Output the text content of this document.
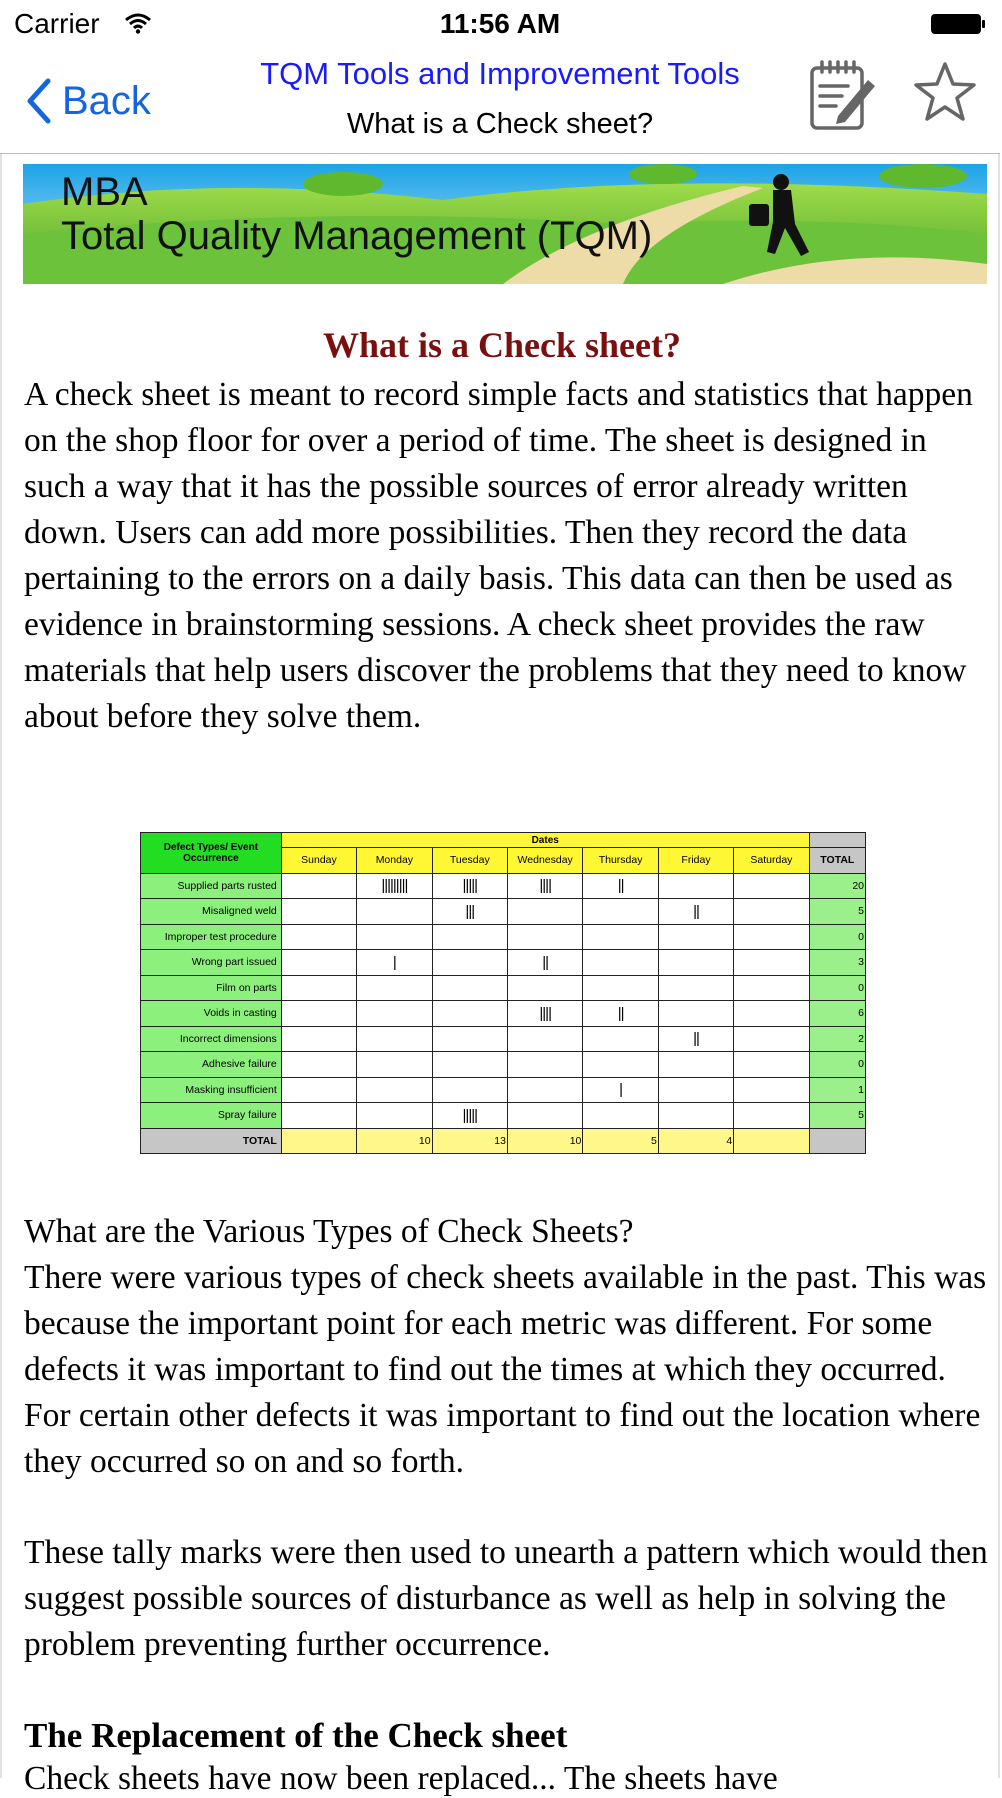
Carrier	11:56 AM
Back
TQM Tools and Improvement Tools
What is a Check sheet?
MBA
Total Quality Management (TQM)
What is a Check sheet?
A check sheet is meant to record simple facts and statistics that happen on the shop floor for over a period of time. The sheet is designed in such a way that it has the possible sources of error already written down. Users can add more possibilities. Then they record the data pertaining to the errors on a daily basis. This data can then be used as evidence in brainstorming sessions. A check sheet provides the raw materials that help users discover the problems that they need to know about before they solve them.
Defect Types/ Event Occurrence	Dates							
	Sunday	Monday	Tuesday	Wednesday	Thursday	Friday	Saturday	TOTAL
Supplied parts rusted		|||||||||	|||||	||||	||			20
Misaligned weld			|||			||		5
Improper test procedure								0
Wrong part issued		|		||				3
Film on parts								0
Voids in casting				||||	||			6
Incorrect dimensions						||		2
Adhesive failure								0
Masking insufficient					|			1
Spray failure			|||||					5
TOTAL		10	13	10	5	4		
What are the Various Types of Check Sheets?
There were various types of check sheets available in the past. This was because the important point for each metric was different. For some defects it was important to find out the times at which they occurred. For certain other defects it was important to find out the location where they occurred so on and so forth.
These tally marks were then used to unearth a pattern which would then suggest possible sources of disturbance as well as help in solving the problem preventing further occurrence.
The Replacement of the Check sheet
Check sheets have now been replaced... The sheets have
